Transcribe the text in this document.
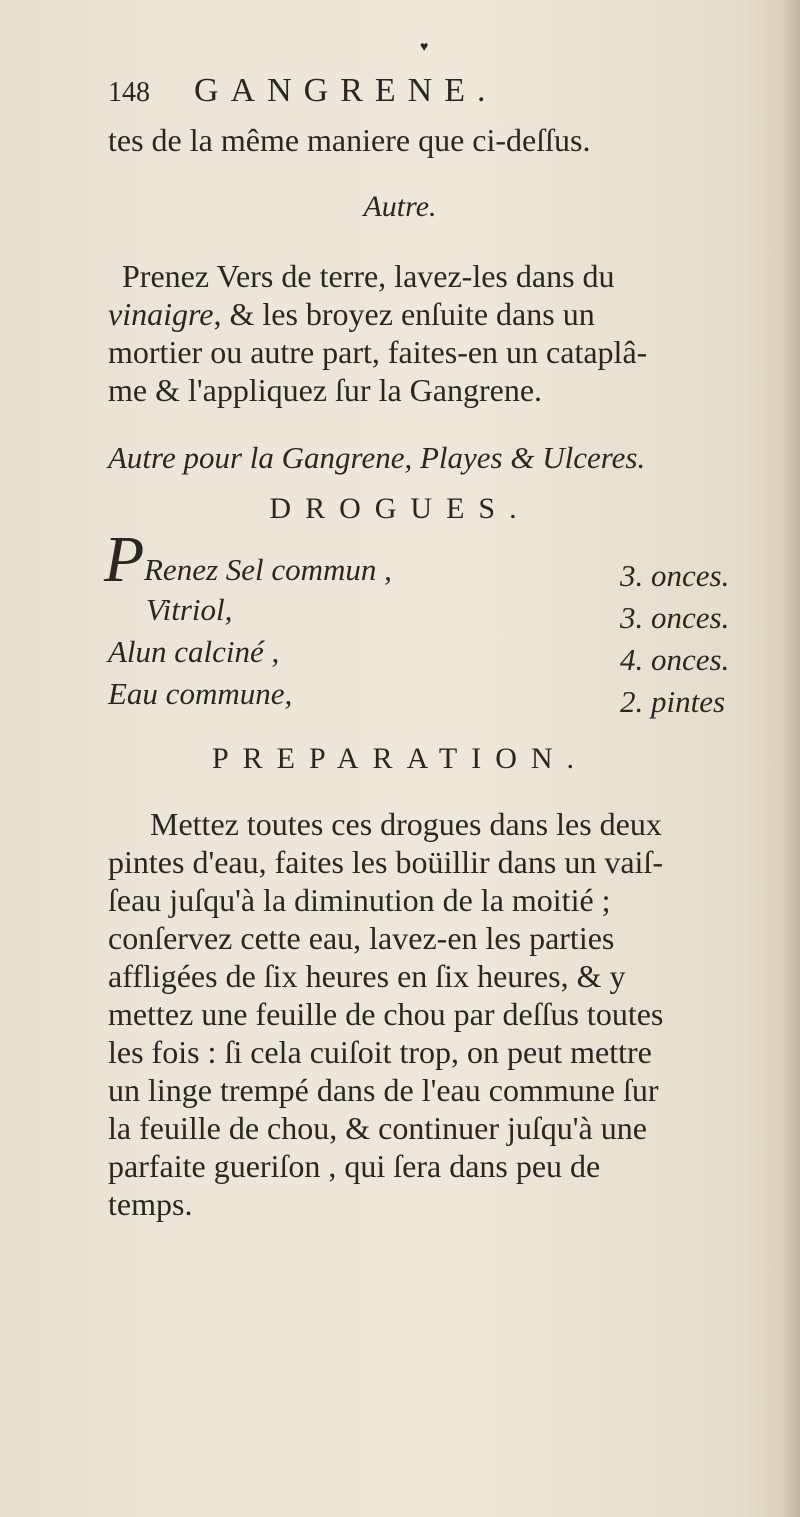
♥
148 GANGRENE.
tes de la même maniere que ci-deſſus.
Autre.
Prenez Vers de terre, lavez-les dans du
vinaigre, & les broyez enſuite dans un
mortier ou autre part, faites-en un cataplâ-
me & l'appliquez ſur la Gangrene.
Autre pour la Gangrene, Playes & Ulceres.
DROGUES.
P Renez Sel commun ,	3. onces.
Vitriol,	3. onces.
Alun calciné ,	4. onces.
Eau commune,	2. pintes
PREPARATION.
Mettez toutes ces drogues dans les deux
pintes d'eau, faites les boüillir dans un vaiſ-
ſeau juſqu'à la diminution de la moitié ;
conſervez cette eau, lavez-en les parties
affligées de ſix heures en ſix heures, & y
mettez une feuille de chou par deſſus toutes
les fois : ſi cela cuiſoit trop, on peut mettre
un linge trempé dans de l'eau commune ſur
la feuille de chou, & continuer juſqu'à une
parfaite gueriſon , qui ſera dans peu de
temps.
